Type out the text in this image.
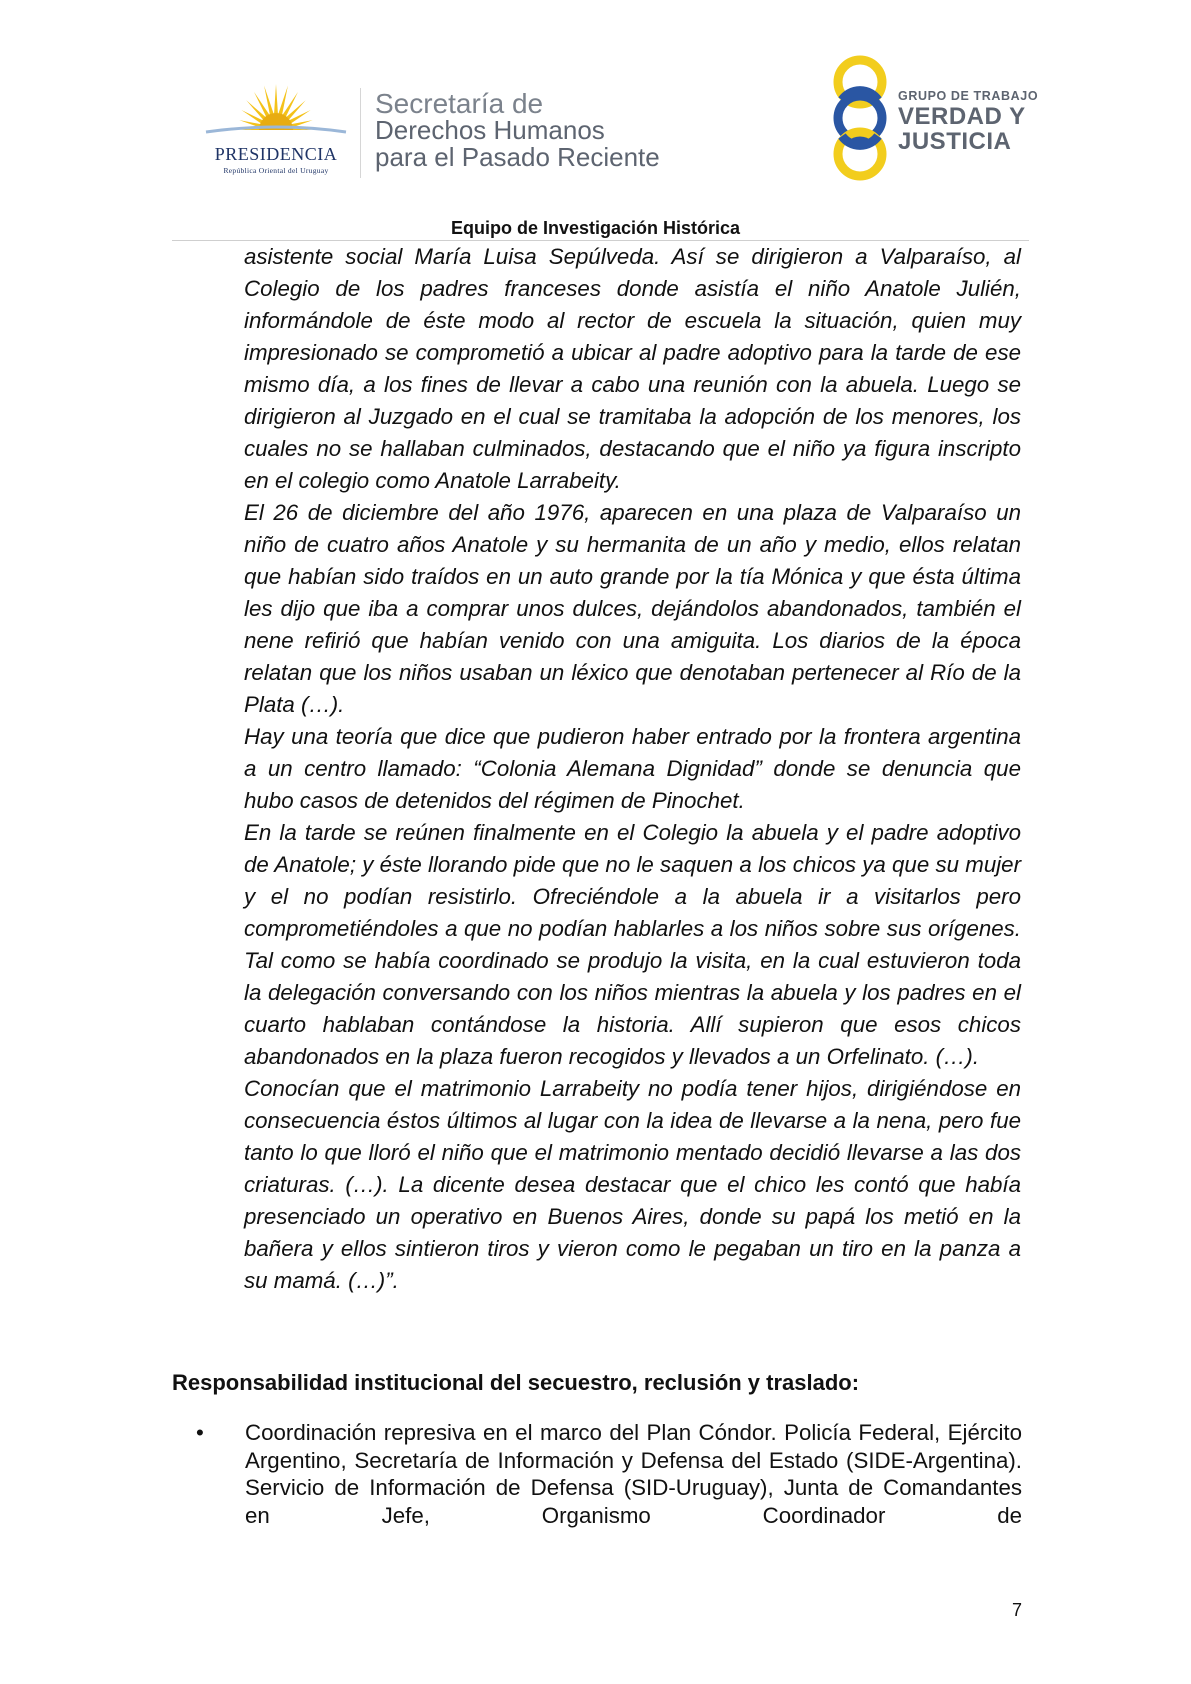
PRESIDENCIA
República Oriental del Uruguay
Secretaría de
Derechos Humanos
para el Pasado Reciente
GRUPO DE TRABAJO
VERDAD Y
JUSTICIA
Equipo de Investigación Histórica

asistente social María Luisa Sepúlveda. Así se dirigieron a Valparaíso, al Colegio de los padres franceses donde asistía el niño Anatole Julién, informándole de éste modo al rector de escuela la situación, quien muy impresionado se comprometió a ubicar al padre adoptivo para la tarde de ese mismo día, a los fines de llevar a cabo una reunión con la abuela. Luego se dirigieron al Juzgado en el cual se tramitaba la adopción de los menores, los cuales no se hallaban culminados, destacando que el niño ya figura inscripto en el colegio como Anatole Larrabeity.

El 26 de diciembre del año 1976, aparecen en una plaza de Valparaíso un niño de cuatro años Anatole y su hermanita de un año y medio, ellos relatan que habían sido traídos en un auto grande por la tía Mónica y que ésta última les dijo que iba a comprar unos dulces, dejándolos abandonados, también el nene refirió que habían venido con una amiguita. Los diarios de la época relatan que los niños usaban un léxico que denotaban pertenecer al Río de la Plata (…).

Hay una teoría que dice que pudieron haber entrado por la frontera argentina a un centro llamado: “Colonia Alemana Dignidad” donde se denuncia que hubo casos de detenidos del régimen de Pinochet.

En la tarde se reúnen finalmente en el Colegio la abuela y el padre adoptivo de Anatole; y éste llorando pide que no le saquen a los chicos ya que su mujer y el no podían resistirlo. Ofreciéndole a la abuela ir a visitarlos pero comprometiéndoles a que no podían hablarles a los niños sobre sus orígenes. Tal como se había coordinado se produjo la visita, en la cual estuvieron toda la delegación conversando con los niños mientras la abuela y los padres en el cuarto hablaban contándose la historia. Allí supieron que esos chicos abandonados en la plaza fueron recogidos y llevados a un Orfelinato. (…).

Conocían que el matrimonio Larrabeity no podía tener hijos, dirigiéndose en consecuencia éstos últimos al lugar con la idea de llevarse a la nena, pero fue tanto lo que lloró el niño que el matrimonio mentado decidió llevarse a las dos criaturas. (…). La dicente desea destacar que el chico les contó que había presenciado un operativo en Buenos Aires, donde su papá los metió en la bañera y ellos sintieron tiros y vieron como le pegaban un tiro en la panza a su mamá. (…)”.

Responsabilidad institucional del secuestro, reclusión y traslado:
• Coordinación represiva en el marco del Plan Cóndor. Policía Federal, Ejército Argentino, Secretaría de Información y Defensa del Estado (SIDE-Argentina). Servicio de Información de Defensa (SID-Uruguay), Junta de Comandantes en Jefe, Organismo Coordinador de
7
